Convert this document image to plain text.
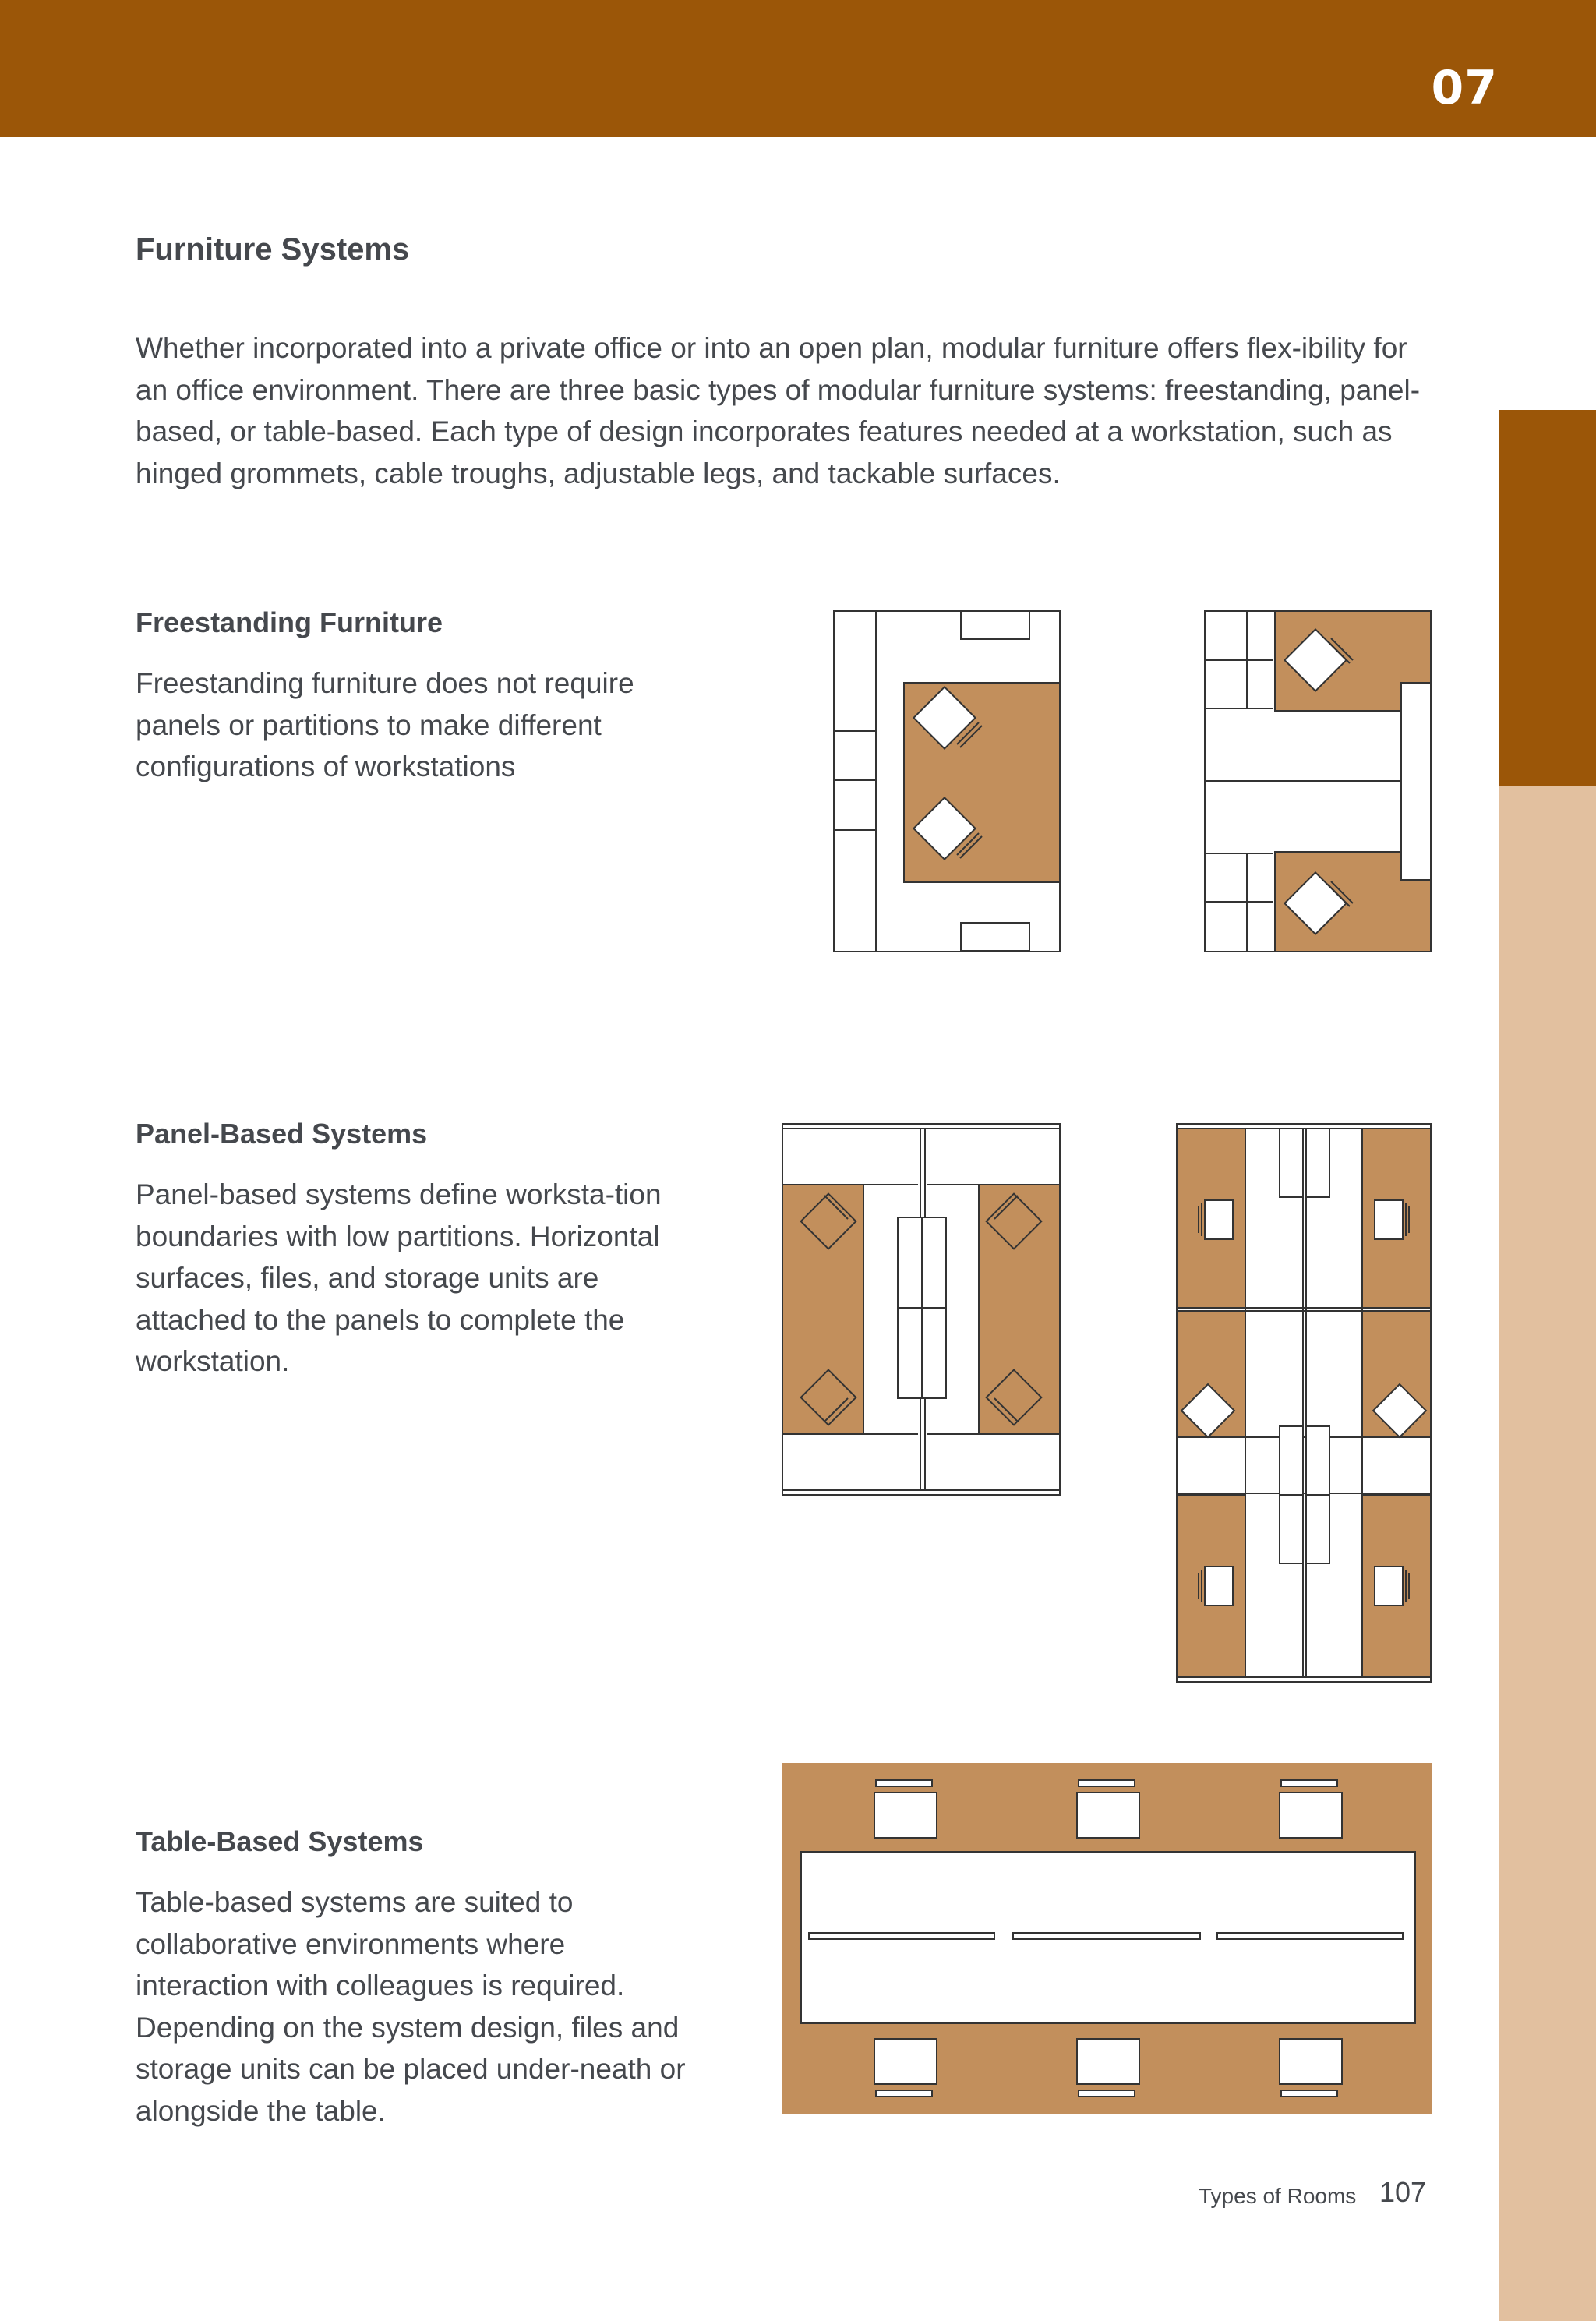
07
Furniture Systems
Whether incorporated into a private office or into an open plan, modular furniture offers flex-ibility for an office environment. There are three basic types of modular furniture systems: freestanding, panel-based, or table-based. Each type of design incorporates features needed at a workstation, such as hinged grommets, cable troughs, adjustable legs, and tackable surfaces.
Freestanding Furniture
Freestanding furniture does not require panels or partitions to make different configurations of workstations
Panel-Based Systems
Panel-based systems define worksta-tion boundaries with low partitions. Horizontal surfaces, files, and storage units are attached to the panels to complete the workstation.
Table-Based Systems
Table-based systems are suited to collaborative environments where interaction with colleagues is required. Depending on the system design, files and storage units can be placed under-neath or alongside the table.
Types of Rooms 107
